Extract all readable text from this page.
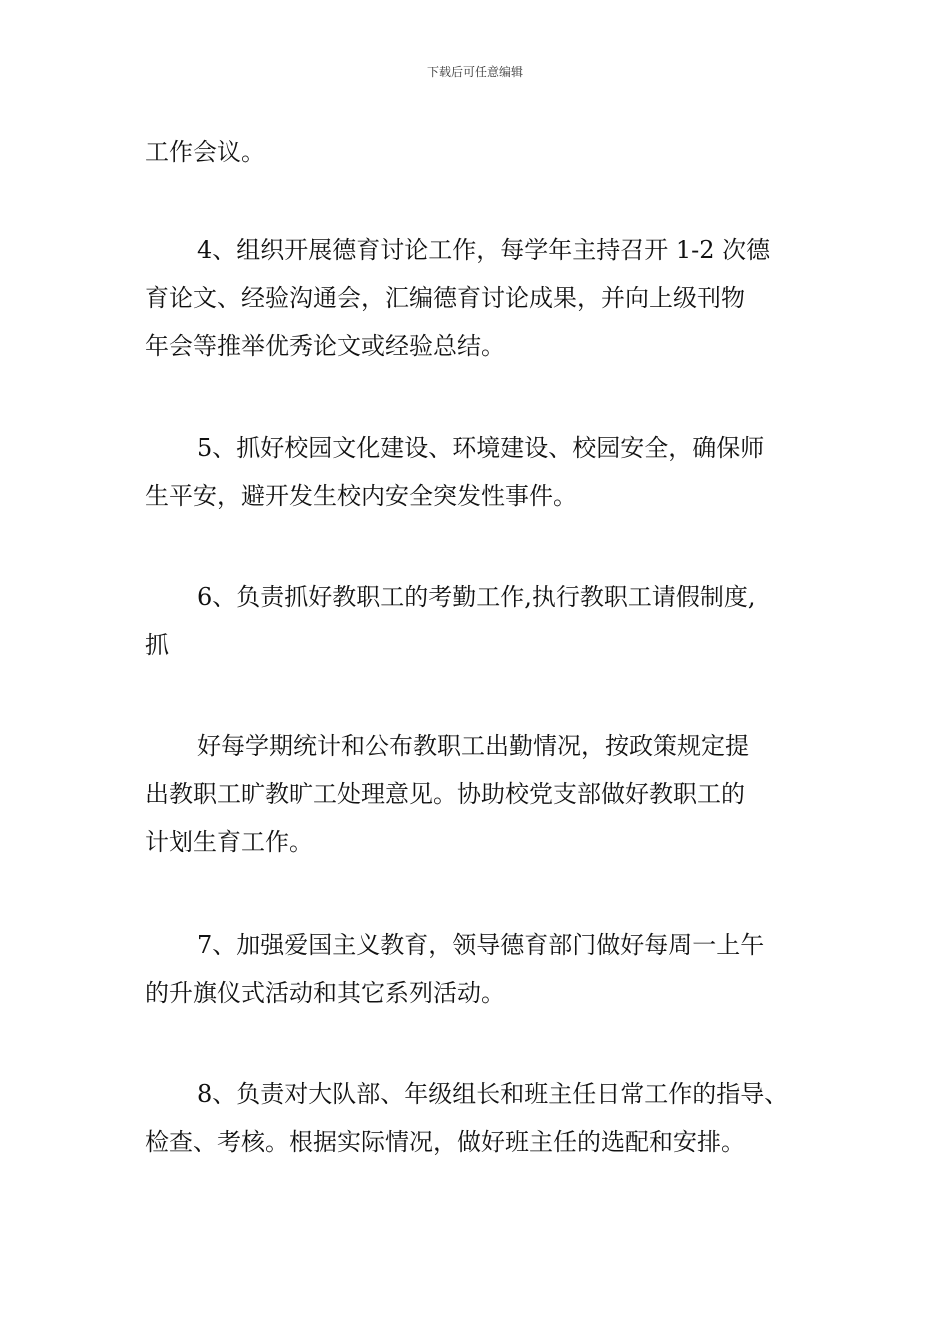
下载后可任意编辑
工作会议。
4、组织开展德育讨论工作，每学年主持召开 1-2 次德
育论文、经验沟通会，汇编德育讨论成果，并向上级刊物
年会等推举优秀论文或经验总结。
5、抓好校园文化建设、环境建设、校园安全，确保师
生平安，避开发生校内安全突发性事件。
6、负责抓好教职工的考勤工作,执行教职工请假制度,
抓
好每学期统计和公布教职工出勤情况，按政策规定提
出教职工旷教旷工处理意见。协助校党支部做好教职工的
计划生育工作。
7、加强爱国主义教育，领导德育部门做好每周一上午
的升旗仪式活动和其它系列活动。
8、负责对大队部、年级组长和班主任日常工作的指导、
检查、考核。根据实际情况，做好班主任的选配和安排。
